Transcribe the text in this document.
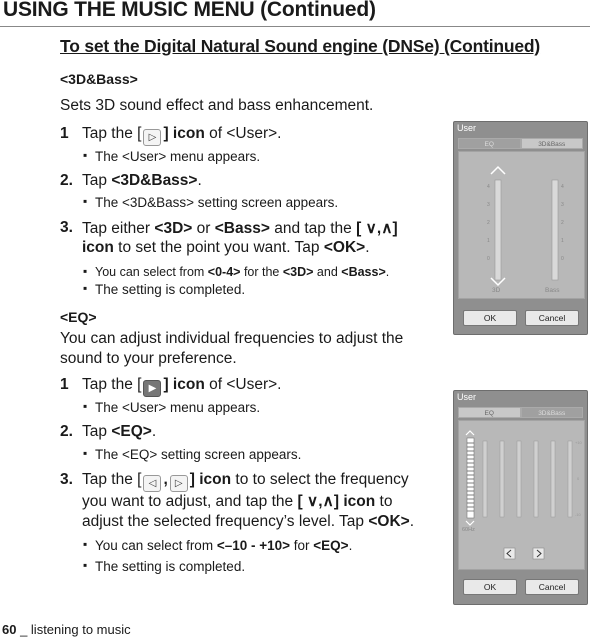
USING THE MUSIC MENU (Continued)
To set the Digital Natural Sound engine (DNSe) (Continued)
<3D&Bass>
Sets 3D sound effect and bass enhancement.
1 Tap the [ ▷ ] icon of <User>.
▪ The <User> menu appears.
2. Tap <3D&Bass>.
▪ The <3D&Bass> setting screen appears.
3. Tap either <3D> or <Bass> and tap the [ ∨,∧]
icon to set the point you want. Tap <OK>.
▪ You can select from <0-4> for the <3D> and <Bass>.
▪ The setting is completed.
<EQ>
You can adjust individual frequencies to adjust the
sound to your preference.
1 Tap the [ ▶ ] icon of <User>.
▪ The <User> menu appears.
2. Tap <EQ>.
▪ The <EQ> setting screen appears.
3. Tap the [ ◁ , ▷ ] icon to to select the frequency
you want to adjust, and tap the [ ∨,∧] icon to
adjust the selected frequency’s level. Tap <OK>.
▪ You can select from <–10 - +10> for <EQ>.
▪ The setting is completed.
User
EQ	3D&Bass
4
3
2
1
0
4
3
2
1
0
3D	Bass
OK	Cancel
User
EQ	3D&Bass
+10
0
-10
60Hz
OK	Cancel
60 _ listening to music
